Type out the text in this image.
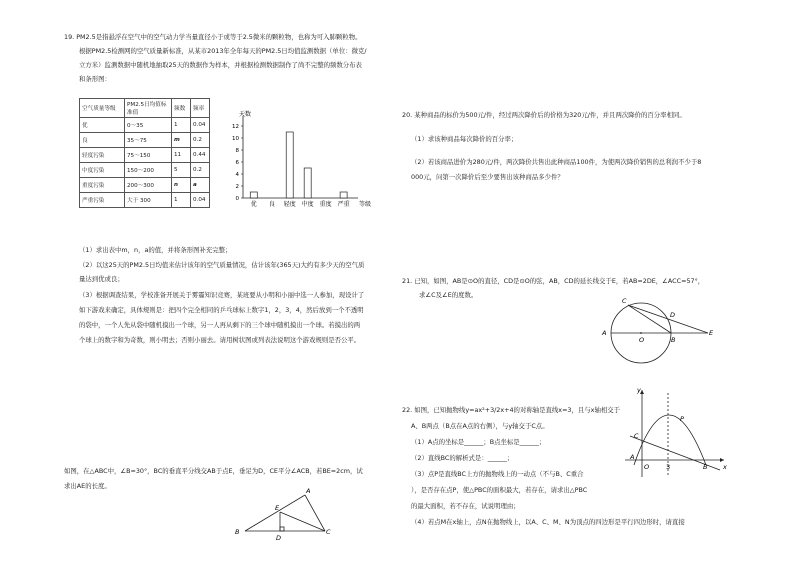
19. PM2.5是指悬浮在空气中的空气动力学当量直径小于或等于2.5微米的颗粒物，也称为可入肺颗粒物。
根据PM2.5检测网的空气质量新标准，从某市2013年全年每天的PM2.5日均值监测数据（单位：微克/
立方米）监测数据中随机地抽取25天的数据作为样本，并根据检测数据制作了尚不完整的频数分布表
和条形图：
空气质量等级	PM2.5日均值标准值	频数	频率
优	0～35	1	0.04
良	35～75	m	0.2
轻度污染	75～150	11	0.44
中度污染	150～200	5	0.2
重度污染	200～300	n	a
严重污染	大于 300	1	0.04	0
2
4
6
8
10
12
天数
优 良 轻度 中度 重度 严重 等级
（1）求出表中m，n，a的值，并将条形图补充完整；
（2）以这25天的PM2.5日均值来估计该年的空气质量情况，估计该年(365天)大约有多少天的空气质
量达到优或良；
（3）根据调查结果，学校准备开展关于雾霾知识竞赛，某班要从小明和小丽中选一人参加，现设计了
如下游戏来确定，具体规则是：把四个完全相同的乒乓球标上数字1，2，3，4，然后放到一个不透明
的袋中，一个人先从袋中随机摸出一个球，另一人再从剩下的三个球中随机摸出一个球。若摸出的两
个球上的数字和为奇数，则小明去；否则小丽去。请用树状图或列表法说明这个游戏规则是否公平。
如图，在△ABC中，∠B=30°，BC的垂直平分线交AB于点E，垂足为D，CE平分∠ACB，若BE=2cm，试
求出AE的长度。
B
A
C
E
D
20. 某种商品的标价为500元/件，经过两次降价后的价格为320元/件，并且两次降价的百分率相同。
（1）求该种商品每次降价的百分率；
（2）若该商品进价为280元/件，两次降价共售出此种商品100件，为使两次降价销售的总利润不少于8
000元，问第一次降价后至少要售出该种商品多少件？
21. 已知，如图，AB是⊙O的直径，CD是⊙O的弦，AB，CD的延长线交于E，若AB=2DE，∠ACC=57°，
求∠C及∠E的度数。
A
O	B
E
C
D
22. 如图，已知抛物线y=ax²+3/2x+4的对称轴是直线x=3，且与x轴相交于
A、B两点（B点在A点的右侧），与y轴交于C点。
（1）A点的坐标是______；B点坐标是______；
（2）直线BC的解析式是：______；
（3）点P是直线BC上方的抛物线上的一动点（不与B、C重合
），是否存在点P，使△PBC的面积最大，若存在，请求出△PBC
的最大面积，若不存在，试说明理由；
（4）若点M在x轴上，点N在抛物线上，以A、C、M、N为顶点的四边形是平行四边形时，请直接
y
x
A
O	3	B
C
P
